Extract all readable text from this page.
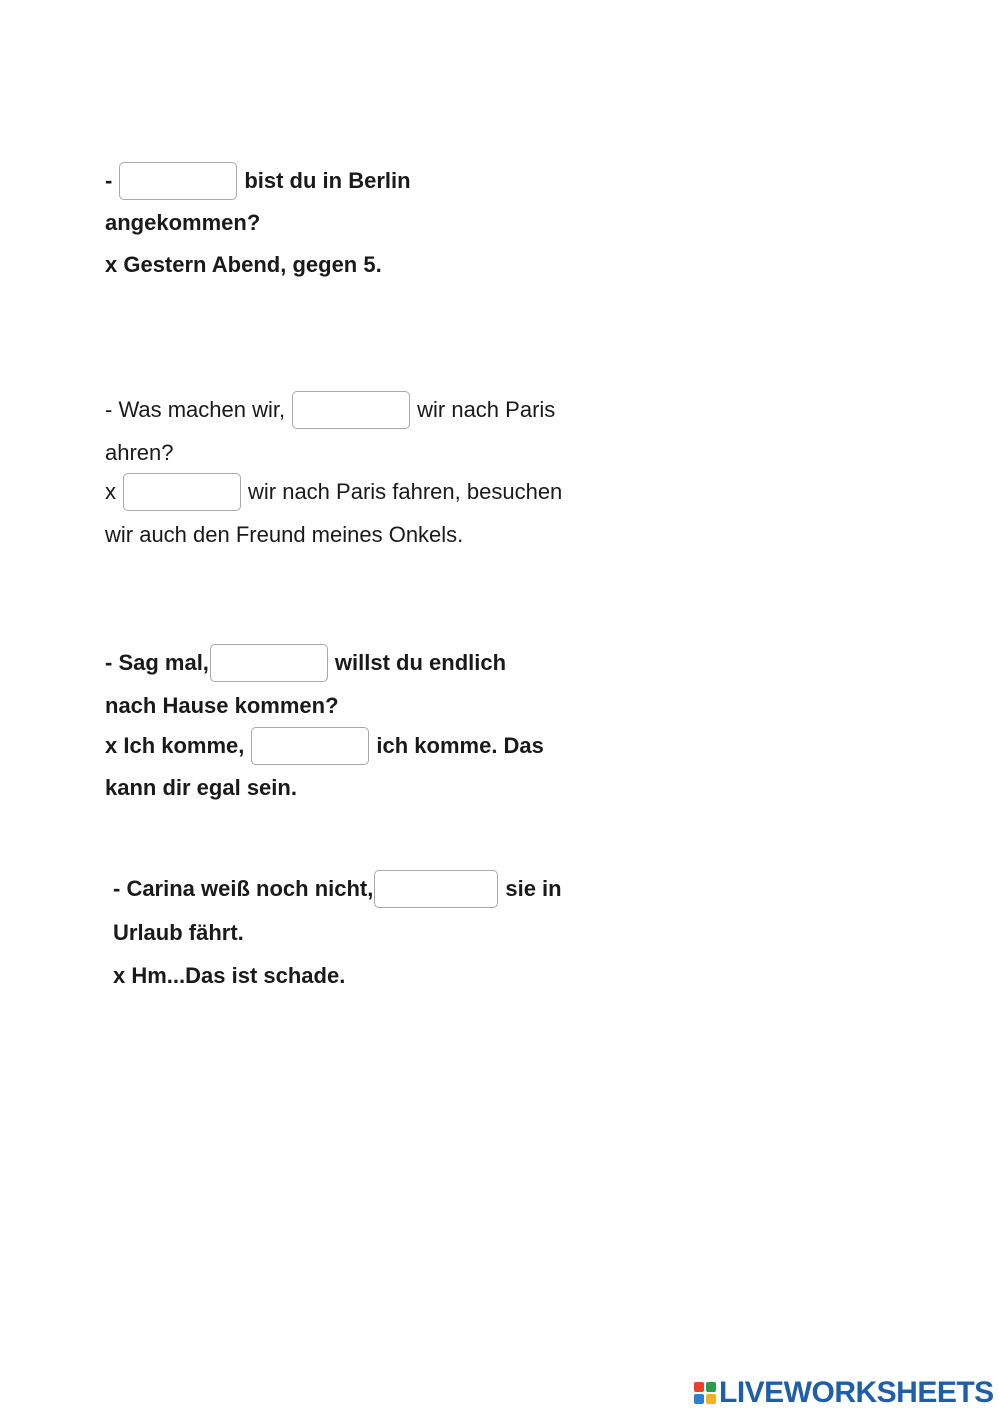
-	bist du in Berlin
angekommen?
x Gestern Abend, gegen 5.
- Was machen wir,	wir nach Paris
ahren?
x	wir nach Paris fahren, besuchen
wir auch den Freund meines Onkels.
- Sag mal,	willst du endlich
nach Hause kommen?
x Ich komme,	ich komme. Das
kann dir egal sein.
- Carina weiß noch nicht,	sie in
Urlaub fährt.
x Hm...Das ist schade.
LIVEWORKSHEETS
